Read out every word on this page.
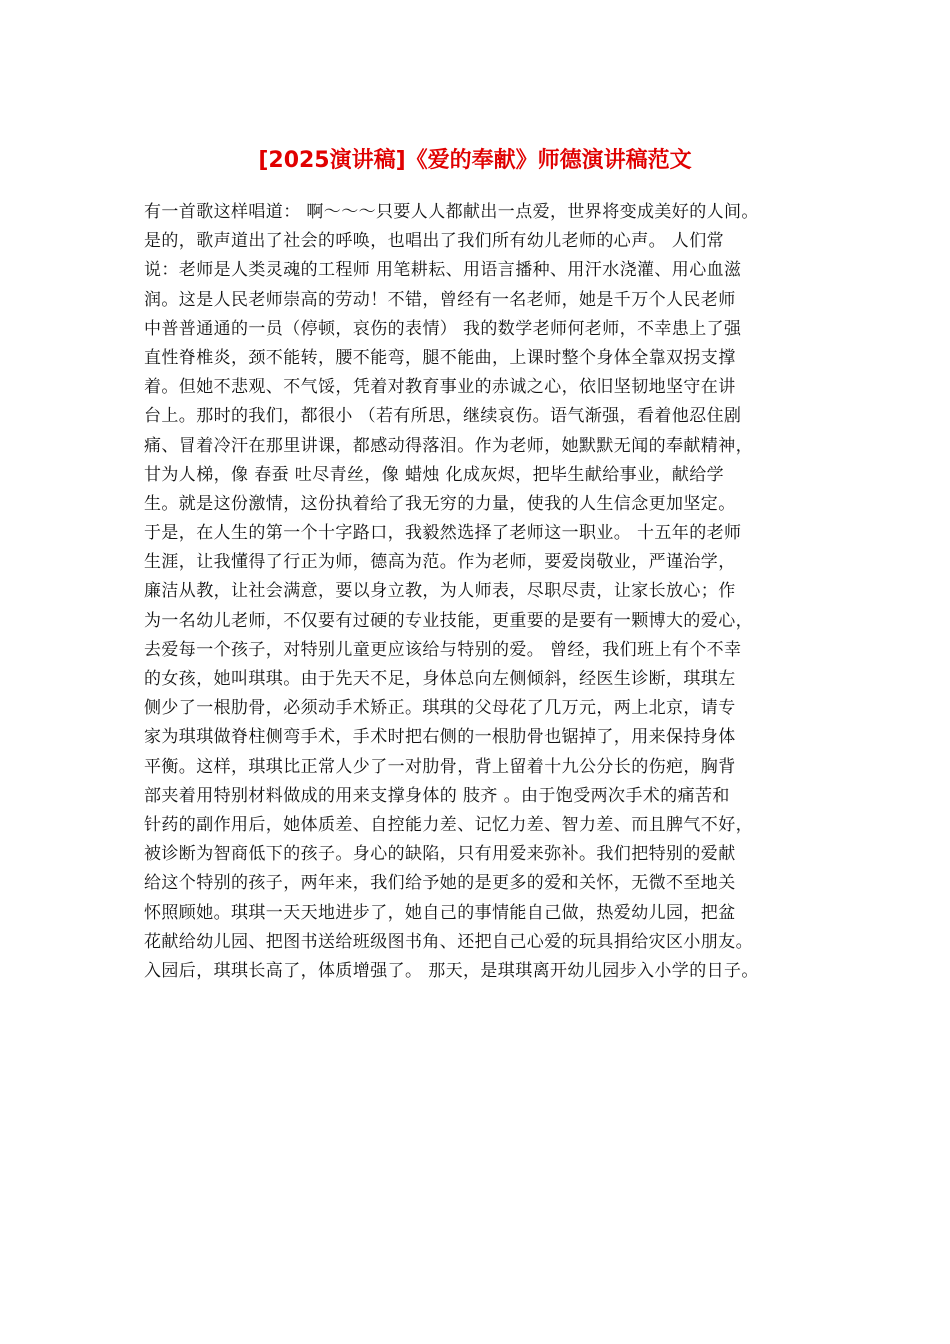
[2025演讲稿]《爱的奉献》师德演讲稿范文
有一首歌这样唱道： 啊～～～只要人人都献出一点爱，世界将变成美好的人间。
是的，歌声道出了社会的呼唤，也唱出了我们所有幼儿老师的心声。 人们常
说：老师是人类灵魂的工程师 用笔耕耘、用语言播种、用汗水浇灌、用心血滋
润。这是人民老师崇高的劳动！不错，曾经有一名老师，她是千万个人民老师
中普普通通的一员（停顿，哀伤的表情） 我的数学老师何老师，不幸患上了强
直性脊椎炎，颈不能转，腰不能弯，腿不能曲，上课时整个身体全靠双拐支撑
着。但她不悲观、不气馁，凭着对教育事业的赤诚之心，依旧坚韧地坚守在讲
台上。那时的我们，都很小 （若有所思，继续哀伤。语气渐强，看着他忍住剧
痛、冒着冷汗在那里讲课，都感动得落泪。作为老师，她默默无闻的奉献精神，
甘为人梯，像 春蚕 吐尽青丝，像 蜡烛 化成灰烬，把毕生献给事业，献给学
生。就是这份激情，这份执着给了我无穷的力量，使我的人生信念更加坚定。
于是，在人生的第一个十字路口，我毅然选择了老师这一职业。 十五年的老师
生涯，让我懂得了行正为师，德高为范。作为老师，要爱岗敬业，严谨治学，
廉洁从教，让社会满意，要以身立教，为人师表，尽职尽责，让家长放心；作
为一名幼儿老师，不仅要有过硬的专业技能，更重要的是要有一颗博大的爱心，
去爱每一个孩子，对特别儿童更应该给与特别的爱。 曾经，我们班上有个不幸
的女孩，她叫琪琪。由于先天不足，身体总向左侧倾斜，经医生诊断，琪琪左
侧少了一根肋骨，必须动手术矫正。琪琪的父母花了几万元，两上北京，请专
家为琪琪做脊柱侧弯手术，手术时把右侧的一根肋骨也锯掉了，用来保持身体
平衡。这样，琪琪比正常人少了一对肋骨，背上留着十九公分长的伤疤，胸背
部夹着用特别材料做成的用来支撑身体的 肢齐 。由于饱受两次手术的痛苦和
针药的副作用后，她体质差、自控能力差、记忆力差、智力差、而且脾气不好，
被诊断为智商低下的孩子。身心的缺陷，只有用爱来弥补。我们把特别的爱献
给这个特别的孩子，两年来，我们给予她的是更多的爱和关怀，无微不至地关
怀照顾她。琪琪一天天地进步了，她自己的事情能自己做，热爱幼儿园，把盆
花献给幼儿园、把图书送给班级图书角、还把自己心爱的玩具捐给灾区小朋友。
入园后，琪琪长高了，体质增强了。 那天，是琪琪离开幼儿园步入小学的日子。
